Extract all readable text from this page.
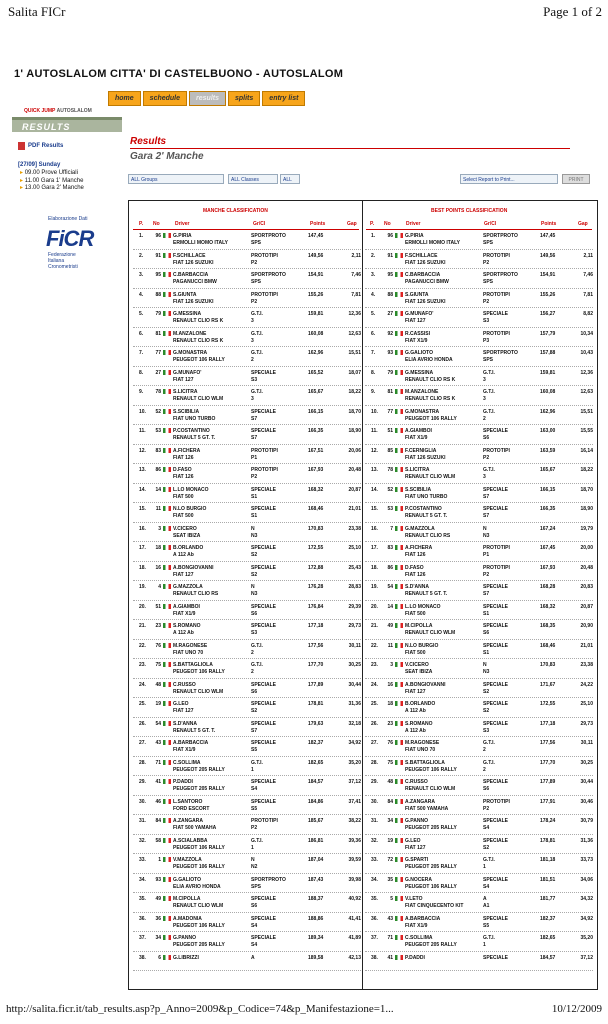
Salita FICr	Page 1 of 2
1' AUTOSLALOM CITTA' DI CASTELBUONO - AUTOSLALOM
home	schedule	results	splits	entry list
QUICK JUMP AUTOSLALOM
RESULTS
PDF Results
[27/09] Sunday
▸ 09.00 Prove Ufficiali
▸ 11.00 Gara 1' Manche
▸ 13.00 Gara 2' Manche
Elaborazione Dati
FiCR
Federazione
Italiana
Cronometristi
Results
Gara 2' Manche
ALL Groups	ALL Classes	ALL	Select Report to Print...	PRINT
MANCHE CLASSIFICATION
P. No	Driver	Gr/Cl	Points	Gap
1.	96 G.PIRIA
ERMOLLI MOMO ITALY
SPORTPROTO
SPS
147,45
2.	91 F.SCHILLACE
FIAT 126 SUZUKI
PROTOTIPI
P2
149,56	2,11
3.	95 C.BARBACCIA
PAGANUCCI BMW
SPORTPROTO
SPS
154,91	7,46
4.	88 S.GIUNTA
FIAT 126 SUZUKI
PROTOTIPI
P2
155,26	7,81
5.	79 G.MESSINA
RENAULT CLIO RS K
G.T.I.
3
159,81	12,36
6.	81 M.ANZALONE
RENAULT CLIO RS K
G.T.I.
3
160,08	12,63
7.	77 G.MONASTRA
PEUGEOT 106 RALLY
G.T.I.
2
162,96	15,51
8.	27 G.MUNAFO'
FIAT 127
SPECIALE
S3
165,52	18,07
9.	78 S.LICITRA
RENAULT CLIO WLM
G.T.I.
3
165,67	18,22
10.	52 S.SCIBILIA
FIAT UNO TURBO
SPECIALE
S7
166,15	18,70
11.	53 P.COSTANTINO
RENAULT 5 GT. T.
SPECIALE
S7
166,35	18,90
12.	83 A.FICHERA
FIAT 126
PROTOTIPI
P1
167,51	20,06
13.	86 D.FASO
FIAT 126
PROTOTIPI
P2
167,93	20,48
14.	14 L.LO MONACO
FIAT 500
SPECIALE
S1
168,32	20,87
15.	11 N.LO BURGIO
FIAT 500
SPECIALE
S1
168,46	21,01
16.	3 V.CICERO
SEAT IBIZA
N
N3
170,83	23,38
17.	18 B.ORLANDO
A 112 Ab
SPECIALE
S2
172,55	25,10
18.	16 A.BONGIOVANNI
FIAT 127
SPECIALE
S2
172,88	25,43
19.	4 G.MAZZOLA
RENAULT CLIO RS
N
N3
176,28	28,83
20.	51 A.GIAMBOI
FIAT X1/9
SPECIALE
S6
176,84	29,39
21.	23 S.ROMANO
A 112 Ab
SPECIALE
S3
177,18	29,73
22.	76 M.RAGONESE
FIAT UNO 70
G.T.I.
2
177,56	30,11
23.	75 S.BATTAGLIOLA
PEUGEOT 106 RALLY
G.T.I.
2
177,70	30,25
24.	48 C.RUSSO
RENAULT CLIO WLM
SPECIALE
S6
177,89	30,44
25.	19 G.LEO
FIAT 127
SPECIALE
S2
178,81	31,36
26.	54 S.D'ANNA
RENAULT 5 GT. T.
SPECIALE
S7
179,63	32,18
27.	43 A.BARBACCIA
FIAT X1/9
SPECIALE
S5
182,37	34,92
28.	71 C.SOLLIMA
PEUGEOT 205 RALLY
G.T.I.
1
182,65	35,20
29.	41 P.DADDI
PEUGEOT 205 RALLY
SPECIALE
S4
184,57	37,12
30.	46 L.SANTORO
FORD ESCORT
SPECIALE
S5
184,86	37,41
31.	84 A.ZANGARA
FIAT 500 YAMAHA
PROTOTIPI
P2
185,67	38,22
32.	58 A.SCIALABBA
PEUGEOT 106 RALLY
G.T.I.
1
186,81	39,36
33.	1 V.MAZZOLA
PEUGEOT 106 RALLY
N
N2
187,04	39,59
34.	93 G.GALIOTO
ELIA AVRIO HONDA
SPORTPROTO
SPS
187,43	39,98
35.	49 M.CIPOLLA
RENAULT CLIO WLM
SPECIALE
S6
188,37	40,92
36.	36 A.MADONIA
PEUGEOT 106 RALLY
SPECIALE
S4
188,86	41,41
37.	34 G.PANNO
PEUGEOT 205 RALLY
SPECIALE
S4
189,34	41,89
38.	6 G.LIBRIZZI	A	189,58	42,13
BEST POINTS CLASSIFICATION
P. No	Driver	Gr/Cl	Points	Gap
1.	96 G.PIRIA
ERMOLLI MOMO ITALY
SPORTPROTO
SPS
147,45
2.	91 F.SCHILLACE
FIAT 126 SUZUKI
PROTOTIPI
P2
149,56	2,11
3.	95 C.BARBACCIA
PAGANUCCI BMW
SPORTPROTO
SPS
154,91	7,46
4.	88 S.GIUNTA
FIAT 126 SUZUKI
PROTOTIPI
P2
155,26	7,81
5.	27 G.MUNAFO'
FIAT 127
SPECIALE
S3
156,27	8,82
6.	92 R.CASSISI
FIAT X1/9
PROTOTIPI
P3
157,79	10,34
7.	93 G.GALIOTO
ELIA AVRIO HONDA
SPORTPROTO
SPS
157,88	10,43
8.	79 G.MESSINA
RENAULT CLIO RS K
G.T.I.
3
159,81	12,36
9.	81 M.ANZALONE
RENAULT CLIO RS K
G.T.I.
3
160,08	12,63
10.	77 G.MONASTRA
PEUGEOT 106 RALLY
G.T.I.
2
162,96	15,51
11.	51 A.GIAMBOI
FIAT X1/9
SPECIALE
S6
163,00	15,55
12.	85 F.CERNIGLIA
FIAT 126 SUZUKI
PROTOTIPI
P2
163,59	16,14
13.	78 S.LICITRA
RENAULT CLIO WLM
G.T.I.
3
165,67	18,22
14.	52 S.SCIBILIA
FIAT UNO TURBO
SPECIALE
S7
166,15	18,70
15.	53 P.COSTANTINO
RENAULT 5 GT. T.
SPECIALE
S7
166,35	18,90
16.	7 G.MAZZOLA
RENAULT CLIO RS
N
N3
167,24	19,79
17.	83 A.FICHERA
FIAT 126
PROTOTIPI
P1
167,45	20,00
18.	86 D.FASO
FIAT 126
PROTOTIPI
P2
167,93	20,48
19.	54 S.D'ANNA
RENAULT 5 GT. T.
SPECIALE
S7
168,28	20,83
20.	14 L.LO MONACO
FIAT 500
SPECIALE
S1
168,32	20,87
21.	49 M.CIPOLLA
RENAULT CLIO WLM
SPECIALE
S6
168,35	20,90
22.	11 N.LO BURGIO
FIAT 500
SPECIALE
S1
168,46	21,01
23.	3 V.CICERO
SEAT IBIZA
N
N3
170,83	23,38
24.	16 A.BONGIOVANNI
FIAT 127
SPECIALE
S2
171,67	24,22
25.	18 B.ORLANDO
A 112 Ab
SPECIALE
S2
172,55	25,10
26.	23 S.ROMANO
A 112 Ab
SPECIALE
S3
177,18	29,73
27.	76 M.RAGONESE
FIAT UNO 70
G.T.I.
2
177,56	30,11
28.	75 S.BATTAGLIOLA
PEUGEOT 106 RALLY
G.T.I.
2
177,70	30,25
29.	48 C.RUSSO
RENAULT CLIO WLM
SPECIALE
S6
177,89	30,44
30.	84 A.ZANGARA
FIAT 500 YAMAHA
PROTOTIPI
P2
177,91	30,46
31.	34 G.PANNO
PEUGEOT 205 RALLY
SPECIALE
S4
178,24	30,79
32.	19 G.LEO
FIAT 127
SPECIALE
S2
178,81	31,36
33.	72 G.SPARTI
PEUGEOT 205 RALLY
G.T.I.
1
181,18	33,73
34.	35 G.NOCERA
PEUGEOT 106 RALLY
SPECIALE
S4
181,51	34,06
35.	5 V.LETO
FIAT CINQUECENTO KIT
A
A1
181,77	34,32
36.	43 A.BARBACCIA
FIAT X1/9
SPECIALE
S5
182,37	34,92
37.	71 C.SOLLIMA
PEUGEOT 205 RALLY
G.T.I.
1
182,65	35,20
38.	41 P.DADDI	SPECIALE	184,57	37,12
http://salita.ficr.it/tab_results.asp?p_Anno=2009&p_Codice=74&p_Manifestazione=1...	10/12/2009
